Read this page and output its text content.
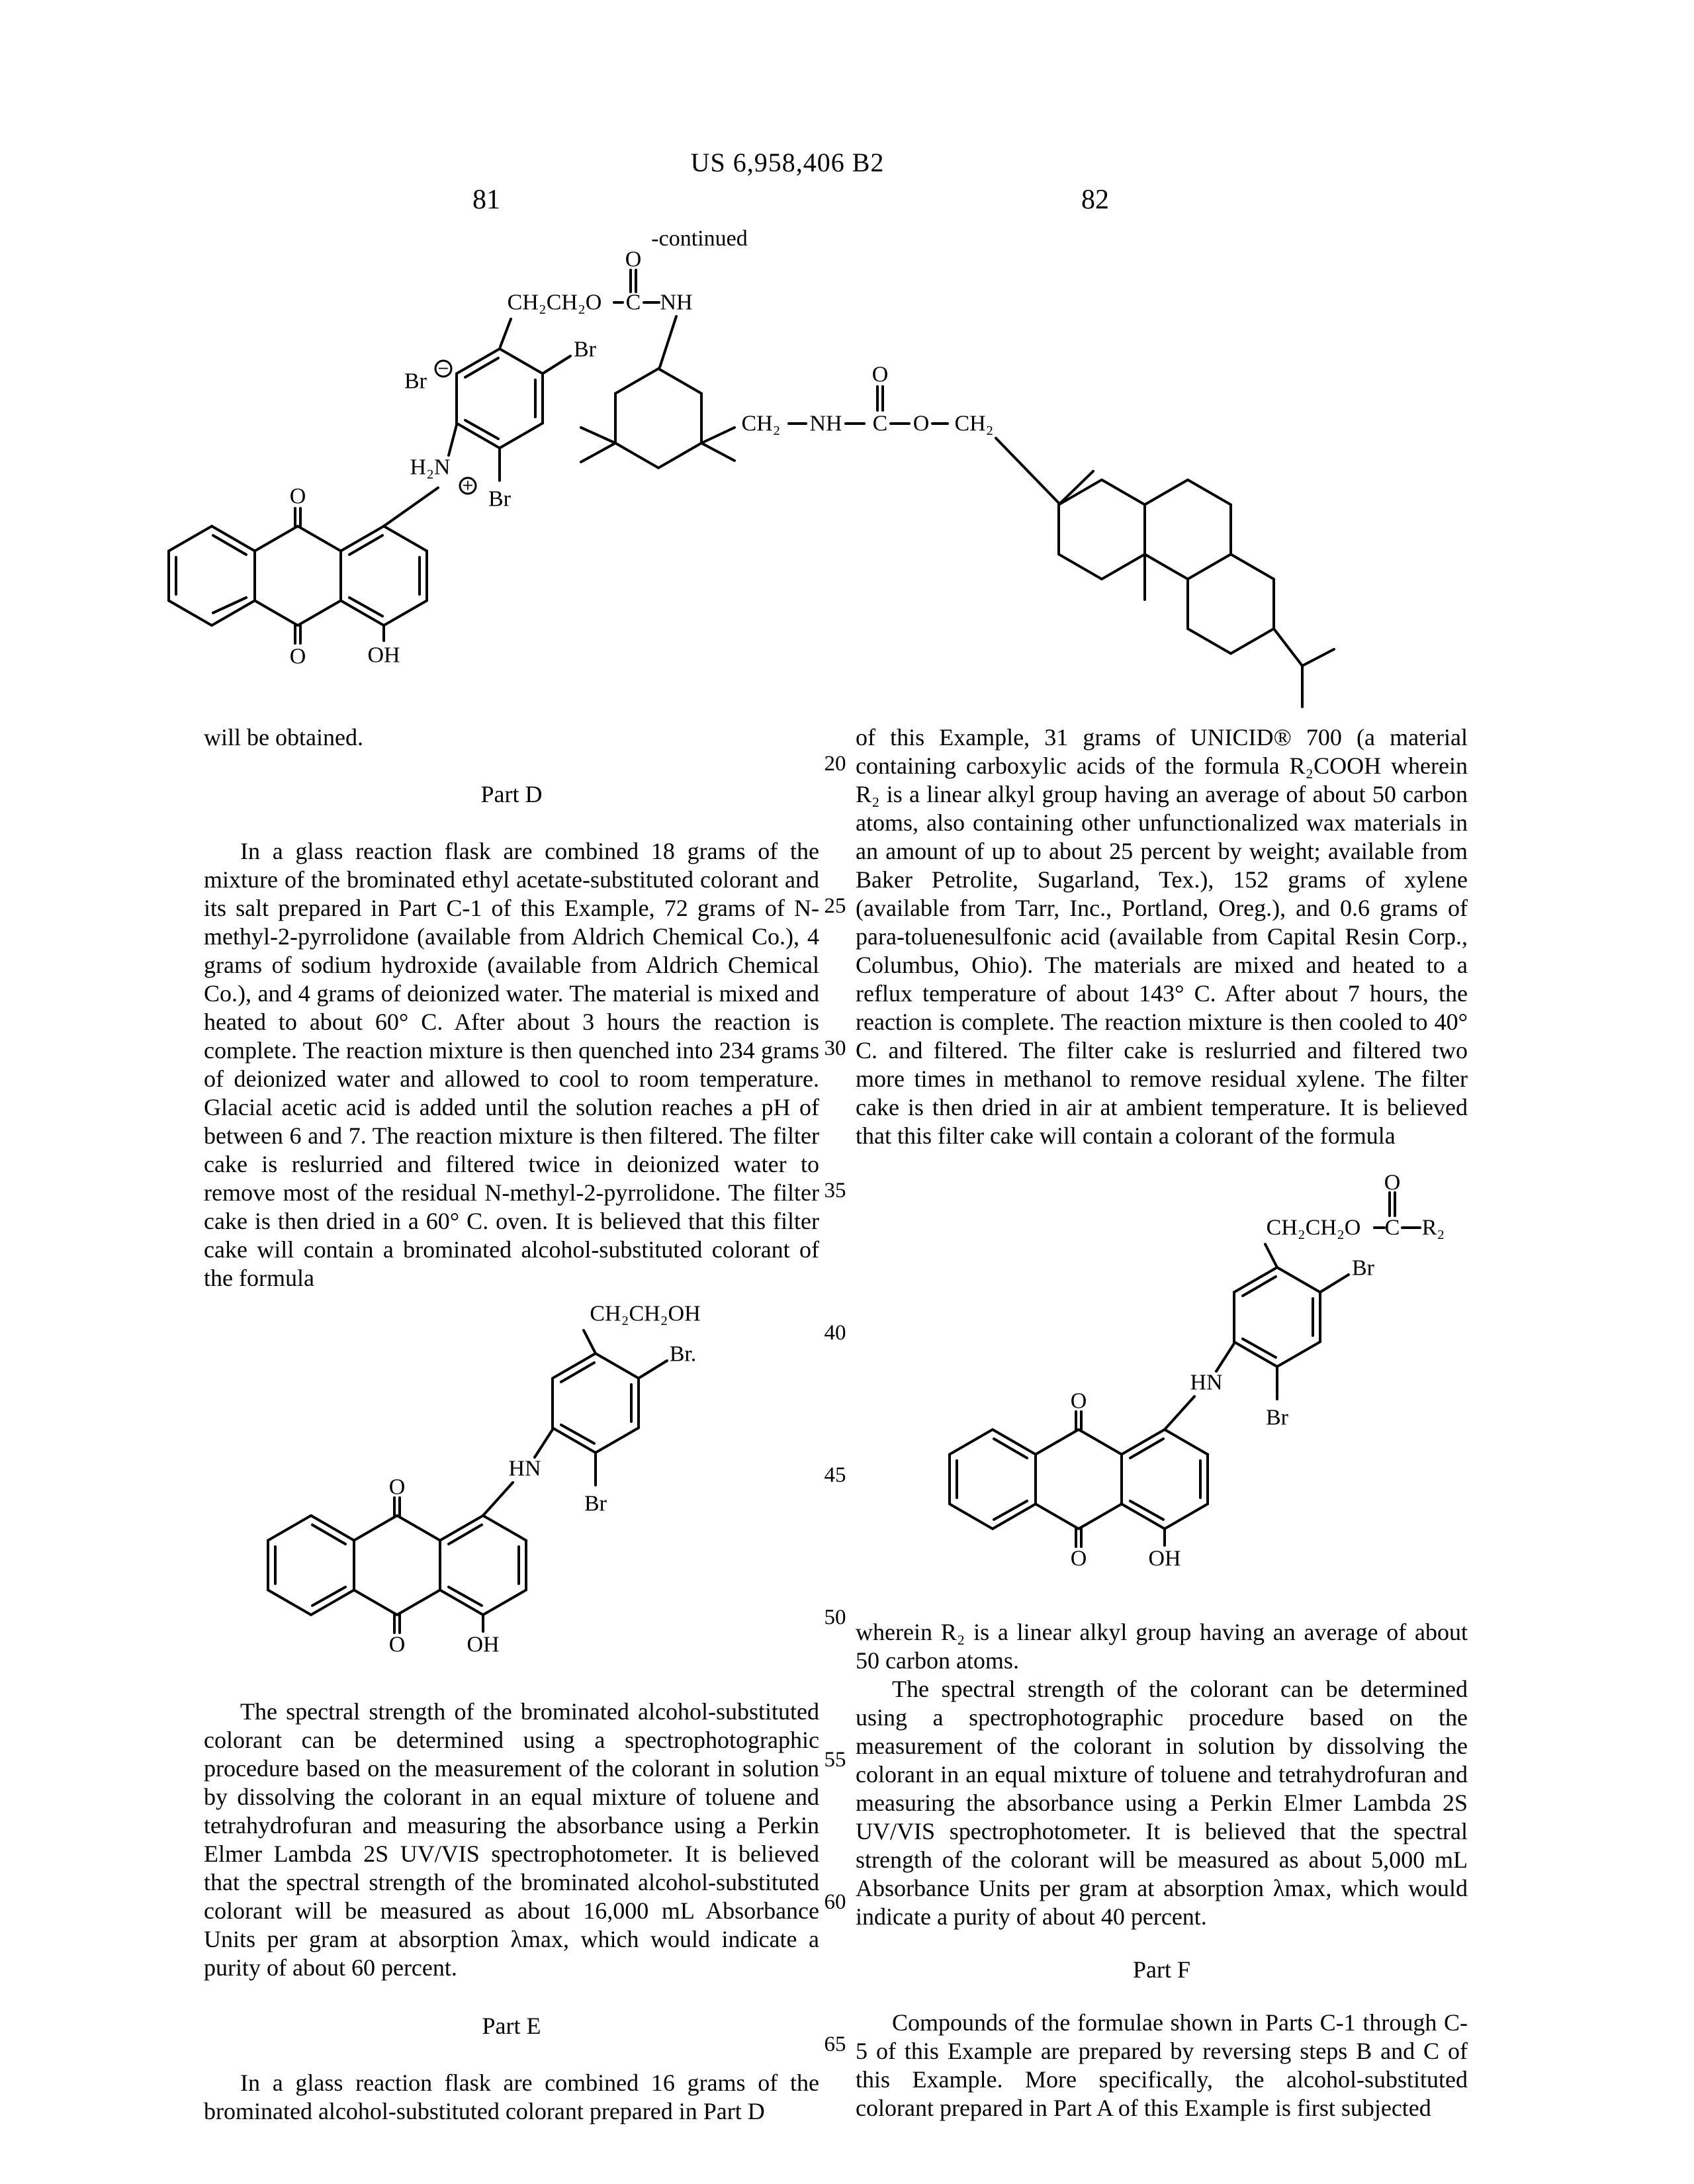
US 6,958,406 B2
81	82
-continued
20
25
30
35
40
45
50
55
60
65
will be obtained.
Part D
In a glass reaction flask are combined 18 grams of the mixture of the brominated ethyl acetate-substituted colorant and its salt prepared in Part C-1 of this Example, 72 grams of N-methyl-2-pyrrolidone (available from Aldrich Chemical Co.), 4 grams of sodium hydroxide (available from Aldrich Chemical Co.), and 4 grams of deionized water. The material is mixed and heated to about 60° C. After about 3 hours the reaction is complete. The reaction mixture is then quenched into 234 grams of deionized water and allowed to cool to room temperature. Glacial acetic acid is added until the solution reaches a pH of between 6 and 7. The reaction mixture is then filtered. The filter cake is reslurried and filtered twice in deionized water to remove most of the residual N-methyl-2-pyrrolidone. The filter cake is then dried in a 60° C. oven. It is believed that this filter cake will contain a brominated alcohol-substituted colorant of the formula
The spectral strength of the brominated alcohol-substituted colorant can be determined using a spectrophotographic procedure based on the measurement of the colorant in solution by dissolving the colorant in an equal mixture of toluene and tetrahydrofuran and measuring the absorbance using a Perkin Elmer Lambda 2S UV/VIS spectrophotometer. It is believed that the spectral strength of the brominated alcohol-substituted colorant will be measured as about 16,000 mL Absorbance Units per gram at absorption λmax, which would indicate a purity of about 60 percent.
Part E
In a glass reaction flask are combined 16 grams of the brominated alcohol-substituted colorant prepared in Part D
of this Example, 31 grams of UNICID® 700 (a material containing carboxylic acids of the formula R₂COOH wherein R₂ is a linear alkyl group having an average of about 50 carbon atoms, also containing other unfunctionalized wax materials in an amount of up to about 25 percent by weight; available from Baker Petrolite, Sugarland, Tex.), 152 grams of xylene (available from Tarr, Inc., Portland, Oreg.), and 0.6 grams of para-toluenesulfonic acid (available from Capital Resin Corp., Columbus, Ohio). The materials are mixed and heated to a reflux temperature of about 143° C. After about 7 hours, the reaction is complete. The reaction mixture is then cooled to 40° C. and filtered. The filter cake is reslurried and filtered two more times in methanol to remove residual xylene. The filter cake is then dried in air at ambient temperature. It is believed that this filter cake will contain a colorant of the formula
wherein R₂ is a linear alkyl group having an average of about 50 carbon atoms.
The spectral strength of the colorant can be determined using a spectrophotographic procedure based on the measurement of the colorant in solution by dissolving the colorant in an equal mixture of toluene and tetrahydrofuran and measuring the absorbance using a Perkin Elmer Lambda 2S UV/VIS spectrophotometer. It is believed that the spectral strength of the colorant will be measured as about 5,000 mL Absorbance Units per gram at absorption λmax, which would indicate a purity of about 40 percent.
Part F
Compounds of the formulae shown in Parts C-1 through C-5 of this Example are prepared by reversing steps B and C of this Example. More specifically, the alcohol-substituted colorant prepared in Part A of this Example is first subjected
CH₂CH₂O C NH
O
Br
−
H₂N
+
Br
Br
O
O	OH
CH₂ NH C
O
O CH₂
CH₂CH₂OH
Br.
Br
HN
O
O	OH
CH₂CH₂O C R₂
O
Br
Br
HN
O
O	OH
